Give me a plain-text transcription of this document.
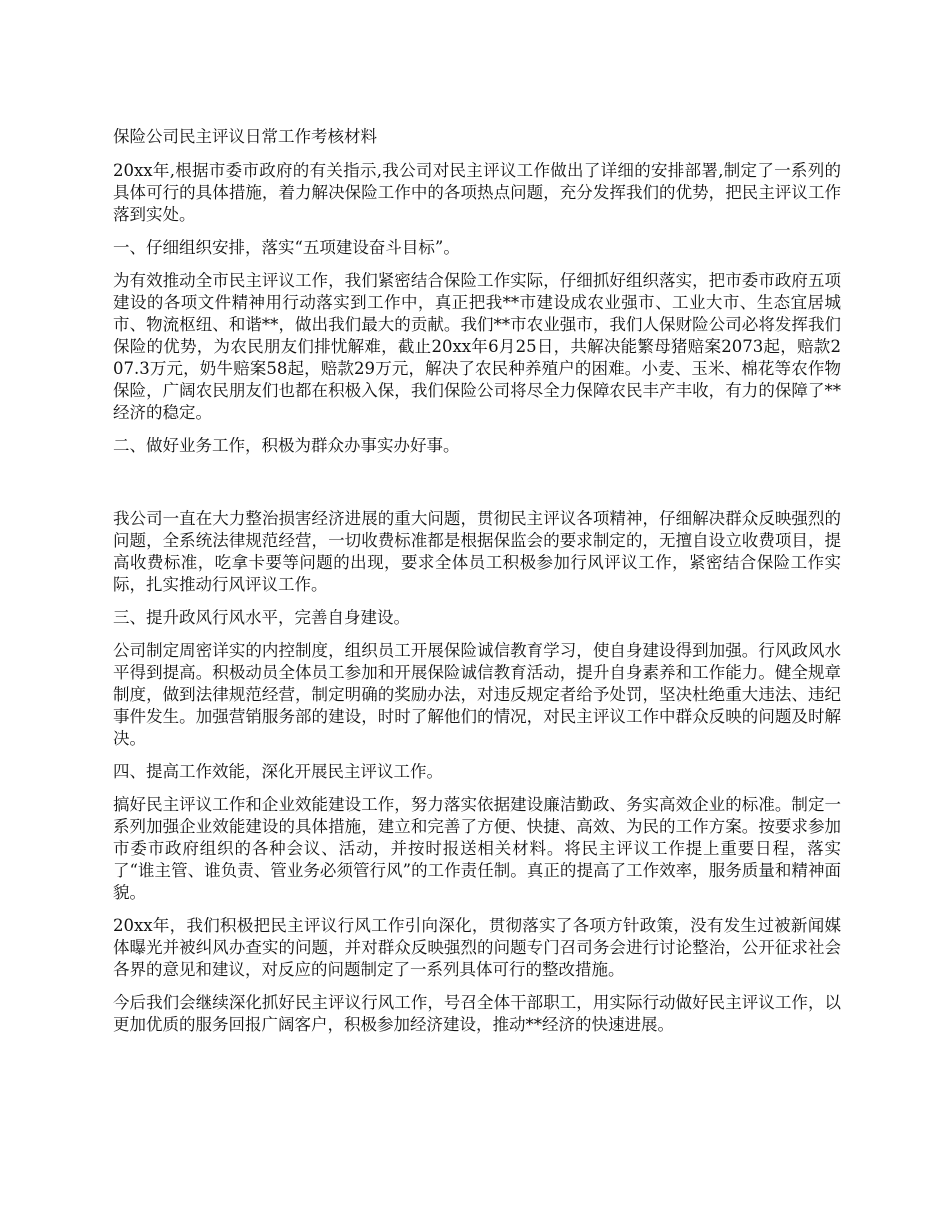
保险公司民主评议日常工作考核材料

20xx年,根据市委市政府的有关指示,我公司对民主评议工作做出了详细的安排部署,制定了一系列的具体可行的具体措施，着力解决保险工作中的各项热点问题，充分发挥我们的优势，把民主评议工作落到实处。

一、仔细组织安排，落实“五项建设奋斗目标”。

为有效推动全市民主评议工作，我们紧密结合保险工作实际，仔细抓好组织落实，把市委市政府五项建设的各项文件精神用行动落实到工作中，真正把我**市建设成农业强市、工业大市、生态宜居城市、物流枢纽、和谐**，做出我们最大的贡献。我们**市农业强市，我们人保财险公司必将发挥我们保险的优势，为农民朋友们排忧解难，截止20xx年6月25日，共解决能繁母猪赔案2073起，赔款207.3万元，奶牛赔案58起，赔款29万元，解决了农民种养殖户的困难。小麦、玉米、棉花等农作物保险，广阔农民朋友们也都在积极入保，我们保险公司将尽全力保障农民丰产丰收，有力的保障了**经济的稳定。

二、做好业务工作，积极为群众办事实办好事。

我公司一直在大力整治损害经济进展的重大问题，贯彻民主评议各项精神，仔细解决群众反映强烈的问题，全系统法律规范经营，一切收费标准都是根据保监会的要求制定的，无擅自设立收费项目，提高收费标准，吃拿卡要等问题的出现，要求全体员工积极参加行风评议工作，紧密结合保险工作实际，扎实推动行风评议工作。

三、提升政风行风水平，完善自身建设。

公司制定周密详实的内控制度，组织员工开展保险诚信教育学习，使自身建设得到加强。行风政风水平得到提高。积极动员全体员工参加和开展保险诚信教育活动，提升自身素养和工作能力。健全规章制度，做到法律规范经营，制定明确的奖励办法，对违反规定者给予处罚，坚决杜绝重大违法、违纪事件发生。加强营销服务部的建设，时时了解他们的情况，对民主评议工作中群众反映的问题及时解决。

四、提高工作效能，深化开展民主评议工作。

搞好民主评议工作和企业效能建设工作，努力落实依据建设廉洁勤政、务实高效企业的标准。制定一系列加强企业效能建设的具体措施，建立和完善了方便、快捷、高效、为民的工作方案。按要求参加市委市政府组织的各种会议、活动，并按时报送相关材料。将民主评议工作提上重要日程，落实了“谁主管、谁负责、管业务必须管行风”的工作责任制。真正的提高了工作效率，服务质量和精神面貌。

20xx年，我们积极把民主评议行风工作引向深化，贯彻落实了各项方针政策，没有发生过被新闻媒体曝光并被纠风办查实的问题，并对群众反映强烈的问题专门召司务会进行讨论整治，公开征求社会各界的意见和建议，对反应的问题制定了一系列具体可行的整改措施。

今后我们会继续深化抓好民主评议行风工作，号召全体干部职工，用实际行动做好民主评议工作，以更加优质的服务回报广阔客户，积极参加经济建设，推动**经济的快速进展。
